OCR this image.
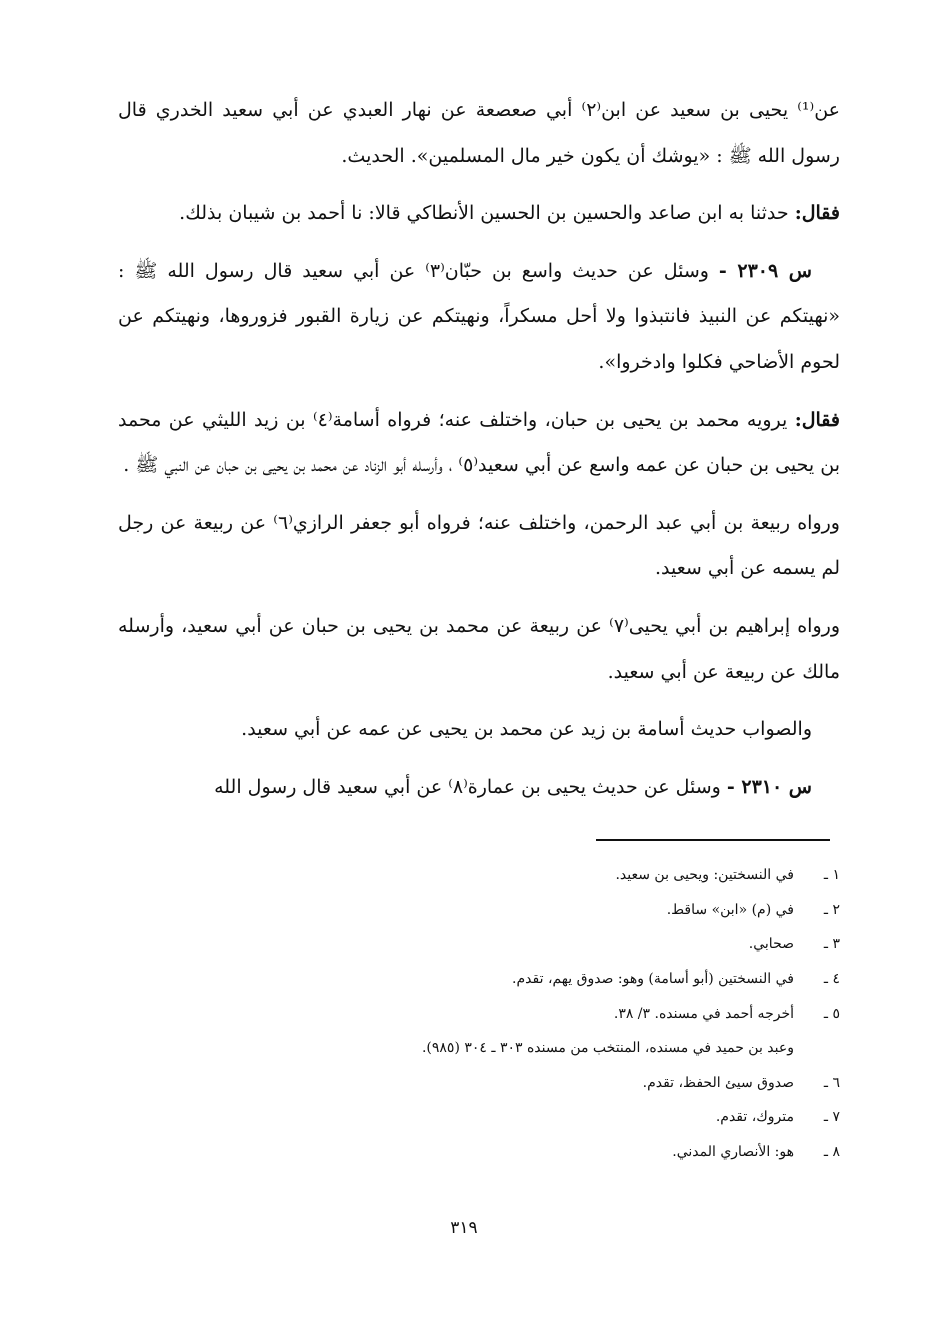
عن⁽¹⁾ يحيى بن سعيد عن ابن⁽٢⁾ أبي صعصعة عن نهار العبدي عن أبي سعيد الخدري قال رسول الله ﷺ : «يوشك أن يكون خير مال المسلمين». الحديث.

فقال: حدثنا به ابن صاعد والحسين بن الحسين الأنطاكي قالا: نا أحمد بن شيبان بذلك.

س ٢٣٠٩ - وسئل عن حديث واسع بن حبّان⁽٣⁾ عن أبي سعيد قال رسول الله ﷺ : «نهيتكم عن النبيذ فانتبذوا ولا أحل مسكراً، ونهيتكم عن زيارة القبور فزوروها، ونهيتكم عن لحوم الأضاحي فكلوا وادخروا».

فقال: يرويه محمد بن يحيى بن حبان، واختلف عنه؛ فرواه أسامة⁽٤⁾ بن زيد الليثي عن محمد بن يحيى بن حبان عن عمه واسع عن أبي سعيد⁽٥⁾ ، وأرسله أبو الزناد عن محمد بن يحيى بن حبان عن النبي ﷺ .

ورواه ربيعة بن أبي عبد الرحمن، واختلف عنه؛ فرواه أبو جعفر الرازي⁽٦⁾ عن ربيعة عن رجل لم يسمه عن أبي سعيد.

ورواه إبراهيم بن أبي يحيى⁽٧⁾ عن ربيعة عن محمد بن يحيى بن حبان عن أبي سعيد، وأرسله مالك عن ربيعة عن أبي سعيد.

والصواب حديث أسامة بن زيد عن محمد بن يحيى عن عمه عن أبي سعيد.

س ٢٣١٠ - وسئل عن حديث يحيى بن عمارة⁽٨⁾ عن أبي سعيد قال رسول الله

١ ـ
في النسختين: ويحيى بن سعيد.
٢ ـ
في (م) «ابن» ساقط.
٣ ـ
صحابي.
٤ ـ
في النسختين (أبو أسامة) وهو: صدوق يهم، تقدم.
٥ ـ
أخرجه أحمد في مسنده. ٣/ ٣٨.
وعبد بن حميد في مسنده، المنتخب من مسنده ٣٠٣ ـ ٣٠٤ (٩٨٥).
٦ ـ
صدوق سيئ الحفظ، تقدم.
٧ ـ
متروك، تقدم.
٨ ـ
هو: الأنصاري المدني.
٣١٩
